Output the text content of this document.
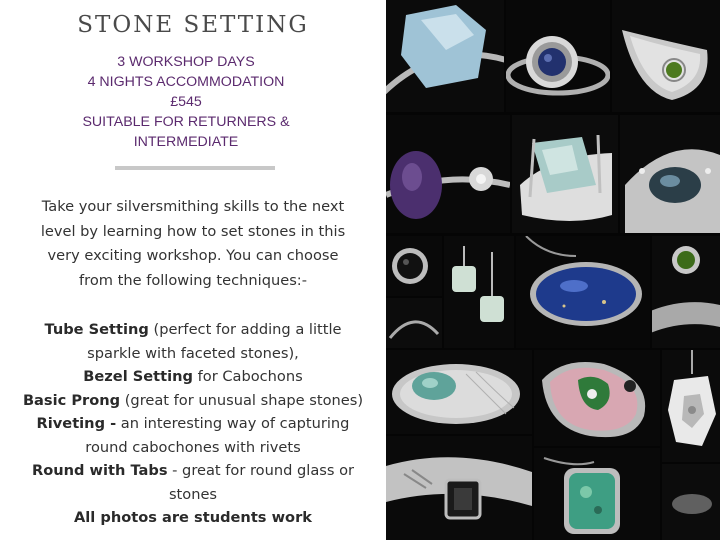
STONE SETTING
3 WORKSHOP DAYS
4 NIGHTS ACCOMMODATION
£545
SUITABLE FOR RETURNERS &
INTERMEDIATE
Take your silversmithing skills to the next
level by learning how to set stones in this
very exciting workshop. You can choose
from the following techniques:-
Tube Setting (perfect for adding a little
sparkle with faceted stones),
Bezel Setting for Cabochons
Basic Prong (great for unusual shape stones)
Riveting - an interesting way of capturing
round cabochones with rivets
Round with Tabs - great for round glass or
stones
All photos are students work
